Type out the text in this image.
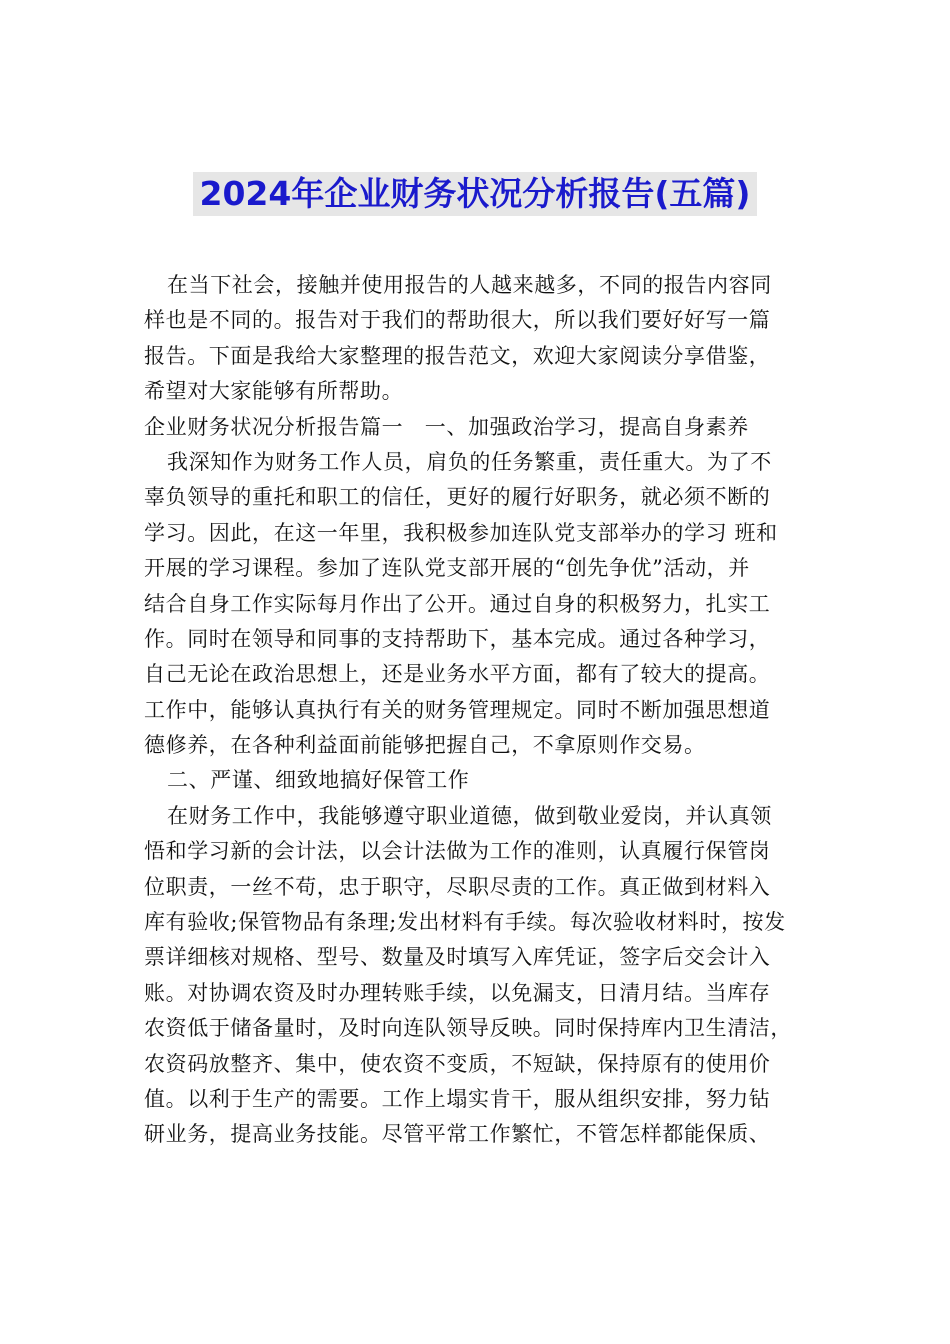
2024年企业财务状况分析报告(五篇)
在当下社会，接触并使用报告的人越来越多，不同的报告内容同
样也是不同的。报告对于我们的帮助很大，所以我们要好好写一篇
报告。下面是我给大家整理的报告范文，欢迎大家阅读分享借鉴，
希望对大家能够有所帮助。
企业财务状况分析报告篇一　一、加强政治学习，提高自身素养
我深知作为财务工作人员，肩负的任务繁重，责任重大。为了不
辜负领导的重托和职工的信任，更好的履行好职务，就必须不断的
学习。因此，在这一年里，我积极参加连队党支部举办的学习 班和
开展的学习课程。参加了连队党支部开展的“创先争优”活动，并
结合自身工作实际每月作出了公开。通过自身的积极努力，扎实工
作。同时在领导和同事的支持帮助下，基本完成。通过各种学习，
自己无论在政治思想上，还是业务水平方面，都有了较大的提高。
工作中，能够认真执行有关的财务管理规定。同时不断加强思想道
德修养，在各种利益面前能够把握自己，不拿原则作交易。
二、严谨、细致地搞好保管工作
在财务工作中，我能够遵守职业道德，做到敬业爱岗，并认真领
悟和学习新的会计法，以会计法做为工作的准则，认真履行保管岗
位职责，一丝不苟，忠于职守，尽职尽责的工作。真正做到材料入
库有验收;保管物品有条理;发出材料有手续。每次验收材料时，按发
票详细核对规格、型号、数量及时填写入库凭证，签字后交会计入
账。对协调农资及时办理转账手续，以免漏支，日清月结。当库存
农资低于储备量时，及时向连队领导反映。同时保持库内卫生清洁，
农资码放整齐、集中，使农资不变质，不短缺，保持原有的使用价
值。以利于生产的需要。工作上塌实肯干，服从组织安排，努力钻
研业务，提高业务技能。尽管平常工作繁忙，不管怎样都能保质、
